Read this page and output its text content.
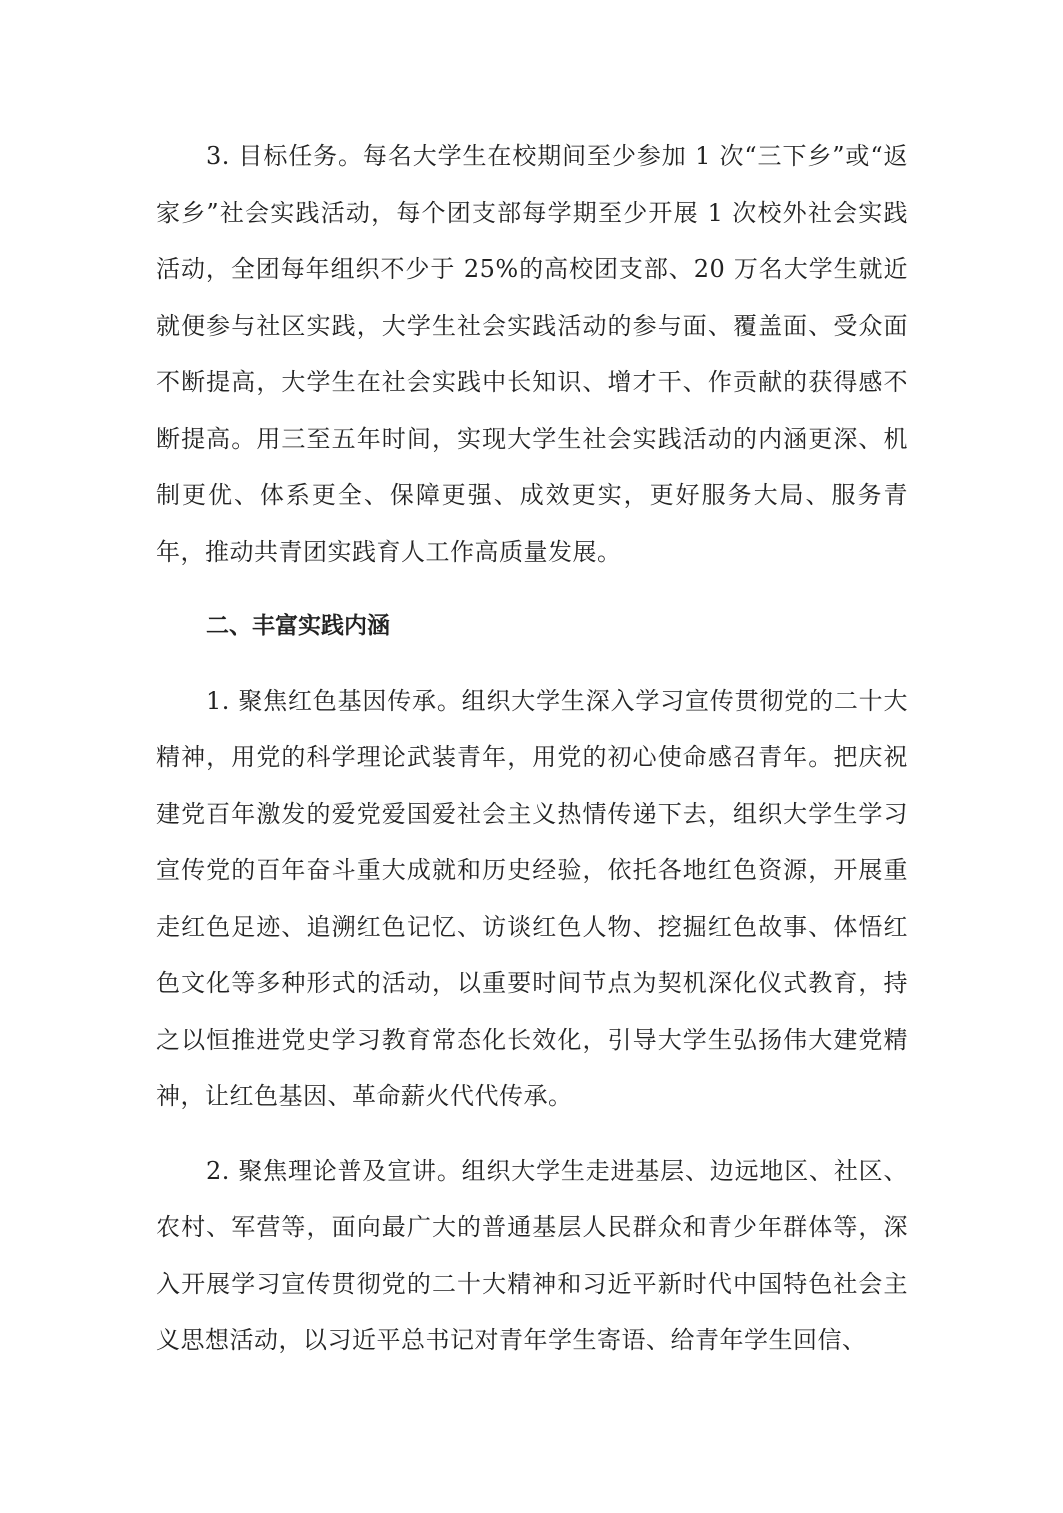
3. 目标任务。每名大学生在校期间至少参加 1 次“三下乡”或“返家乡”社会实践活动，每个团支部每学期至少开展 1 次校外社会实践活动，全团每年组织不少于 25%的高校团支部、20 万名大学生就近就便参与社区实践，大学生社会实践活动的参与面、覆盖面、受众面不断提高，大学生在社会实践中长知识、增才干、作贡献的获得感不断提高。用三至五年时间，实现大学生社会实践活动的内涵更深、机制更优、体系更全、保障更强、成效更实，更好服务大局、服务青年，推动共青团实践育人工作高质量发展。

二、丰富实践内涵

1. 聚焦红色基因传承。组织大学生深入学习宣传贯彻党的二十大精神，用党的科学理论武装青年，用党的初心使命感召青年。把庆祝建党百年激发的爱党爱国爱社会主义热情传递下去，组织大学生学习宣传党的百年奋斗重大成就和历史经验，依托各地红色资源，开展重走红色足迹、追溯红色记忆、访谈红色人物、挖掘红色故事、体悟红色文化等多种形式的活动，以重要时间节点为契机深化仪式教育，持之以恒推进党史学习教育常态化长效化，引导大学生弘扬伟大建党精神，让红色基因、革命薪火代代传承。

2. 聚焦理论普及宣讲。组织大学生走进基层、边远地区、社区、农村、军营等，面向最广大的普通基层人民群众和青少年群体等，深入开展学习宣传贯彻党的二十大精神和习近平新时代中国特色社会主义思想活动，以习近平总书记对青年学生寄语、给青年学生回信、
